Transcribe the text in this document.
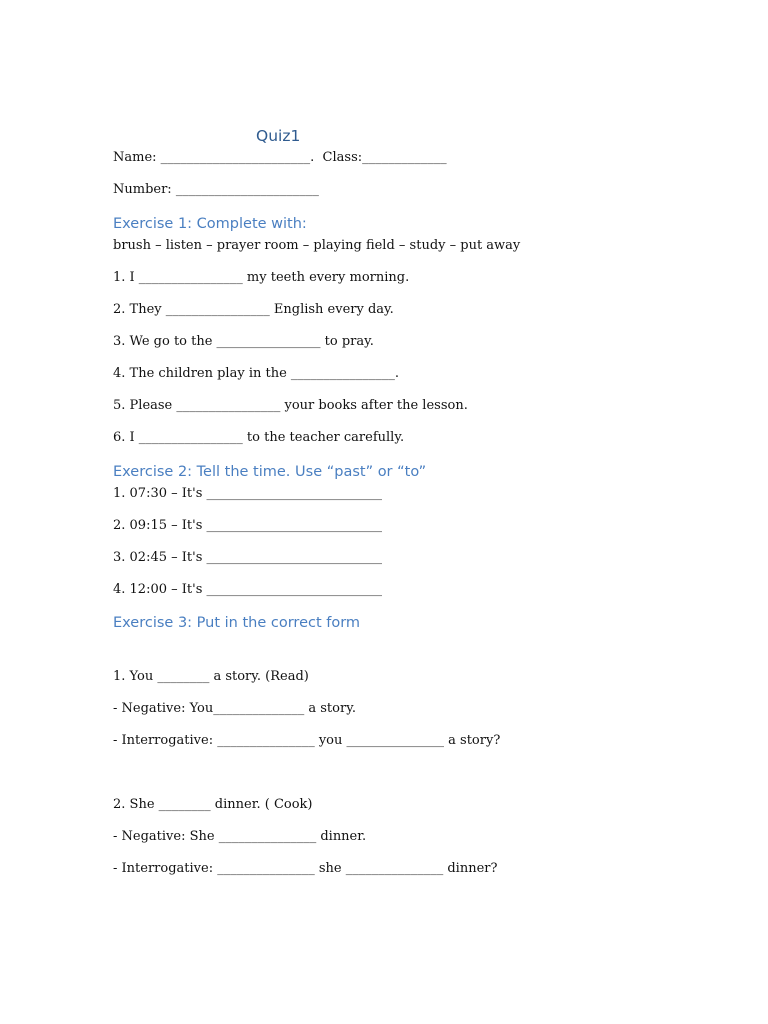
Quiz1
Name: _______________________.  Class:_____________
Number: ______________________
Exercise 1: Complete with:
brush – listen – prayer room – playing field – study – put away
1. I ________________ my teeth every morning.
2. They ________________ English every day.
3. We go to the ________________ to pray.
4. The children play in the ________________.
5. Please ________________ your books after the lesson.
6. I ________________ to the teacher carefully.
Exercise 2: Tell the time. Use “past” or “to”
1. 07:30 – It's ___________________________
2. 09:15 – It's ___________________________
3. 02:45 – It's ___________________________
4. 12:00 – It's ___________________________
Exercise 3: Put in the correct form
1. You ________ a story. (Read)
- Negative: You______________ a story.
- Interrogative: _______________ you _______________ a story?
2. She ________ dinner. ( Cook)
- Negative: She _______________ dinner.
- Interrogative: _______________ she _______________ dinner?
